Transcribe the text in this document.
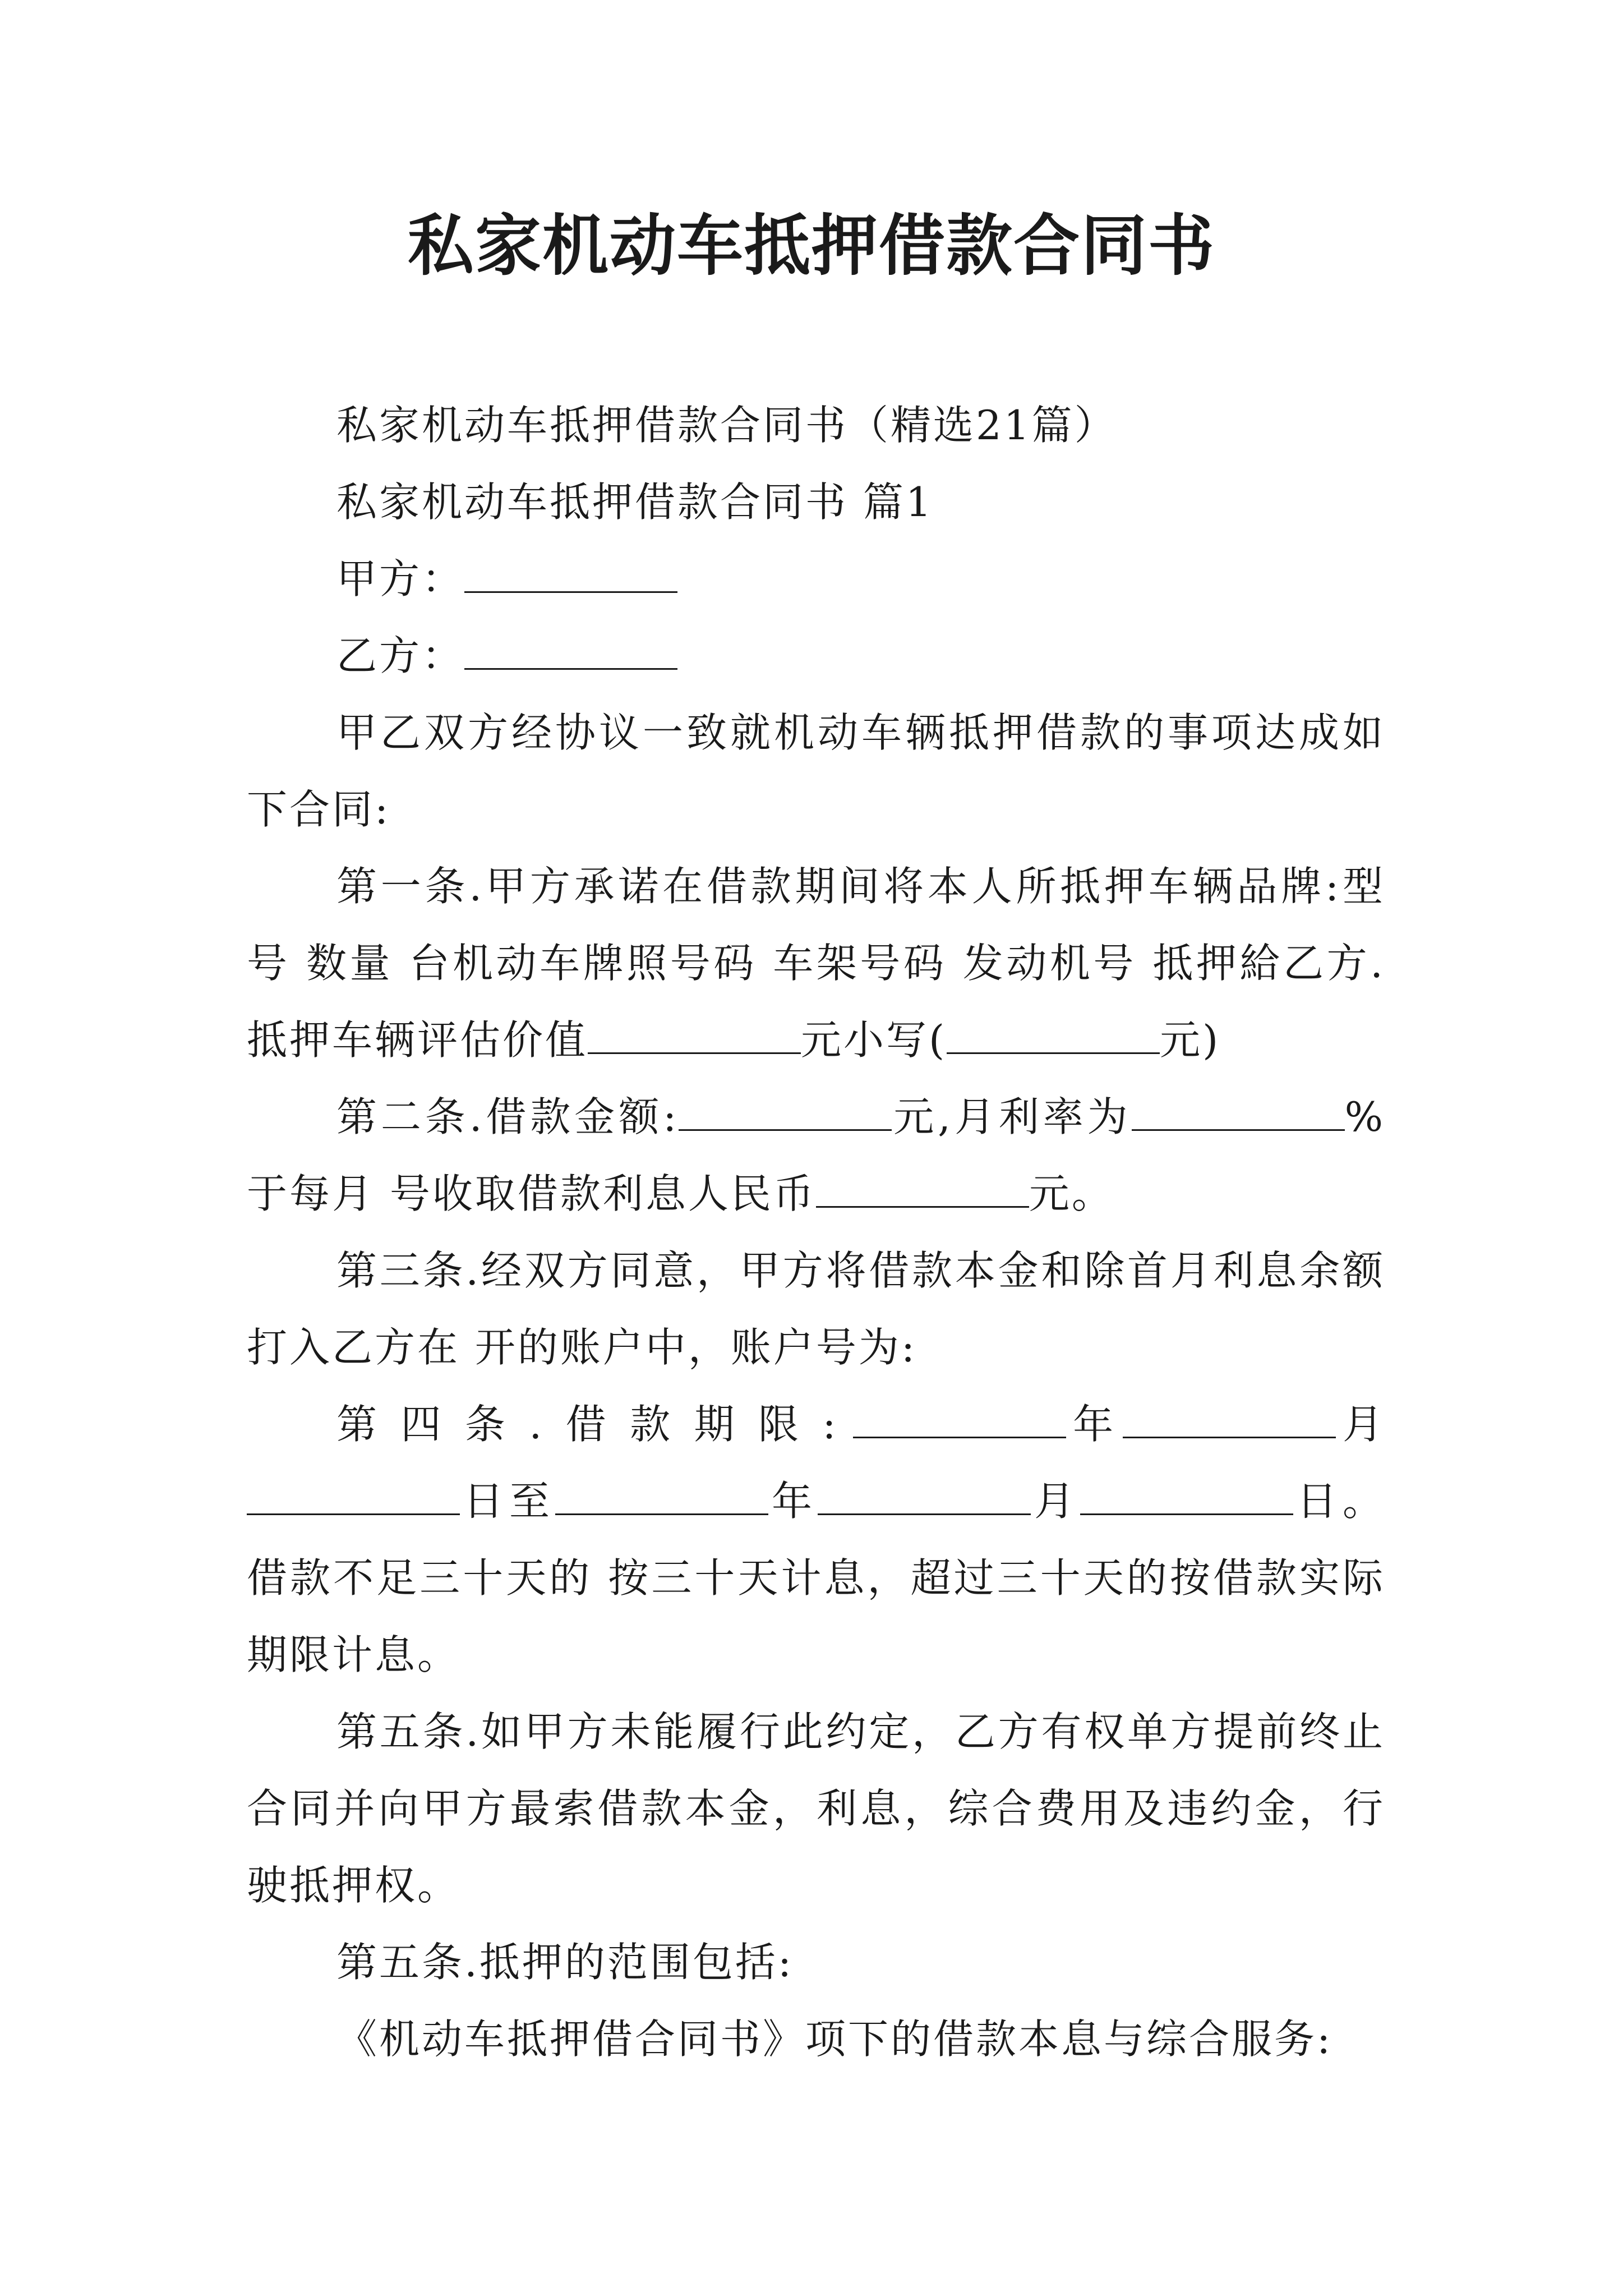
私家机动车抵押借款合同书

私家机动车抵押借款合同书（精选21篇）

私家机动车抵押借款合同书 篇1

甲方：

乙方：

甲乙双方经协议一致就机动车辆抵押借款的事项达成如下合同:

第一条.甲方承诺在借款期间将本人所抵押车辆品牌:型号 数量 台机动车牌照号码 车架号码 发动机号 抵押給乙方.抵押车辆评估价值	元小写(	元)

第二条.借款金额:	元,月利率为	%于每月 号收取借款利息人民币	元。

第三条.经双方同意，甲方将借款本金和除首月利息余额打入乙方在 开的账户中，账户号为:

第四条.借款期限:	年	月日至	年	月	日。借款不足三十天的 按三十天计息，超过三十天的按借款实际期限计息。

第五条.如甲方未能履行此约定，乙方有权单方提前终止合同并向甲方最索借款本金，利息，综合费用及违约金，行驶抵押权。

第五条.抵押的范围包括:

《机动车抵押借合同书》项下的借款本息与综合服务:
